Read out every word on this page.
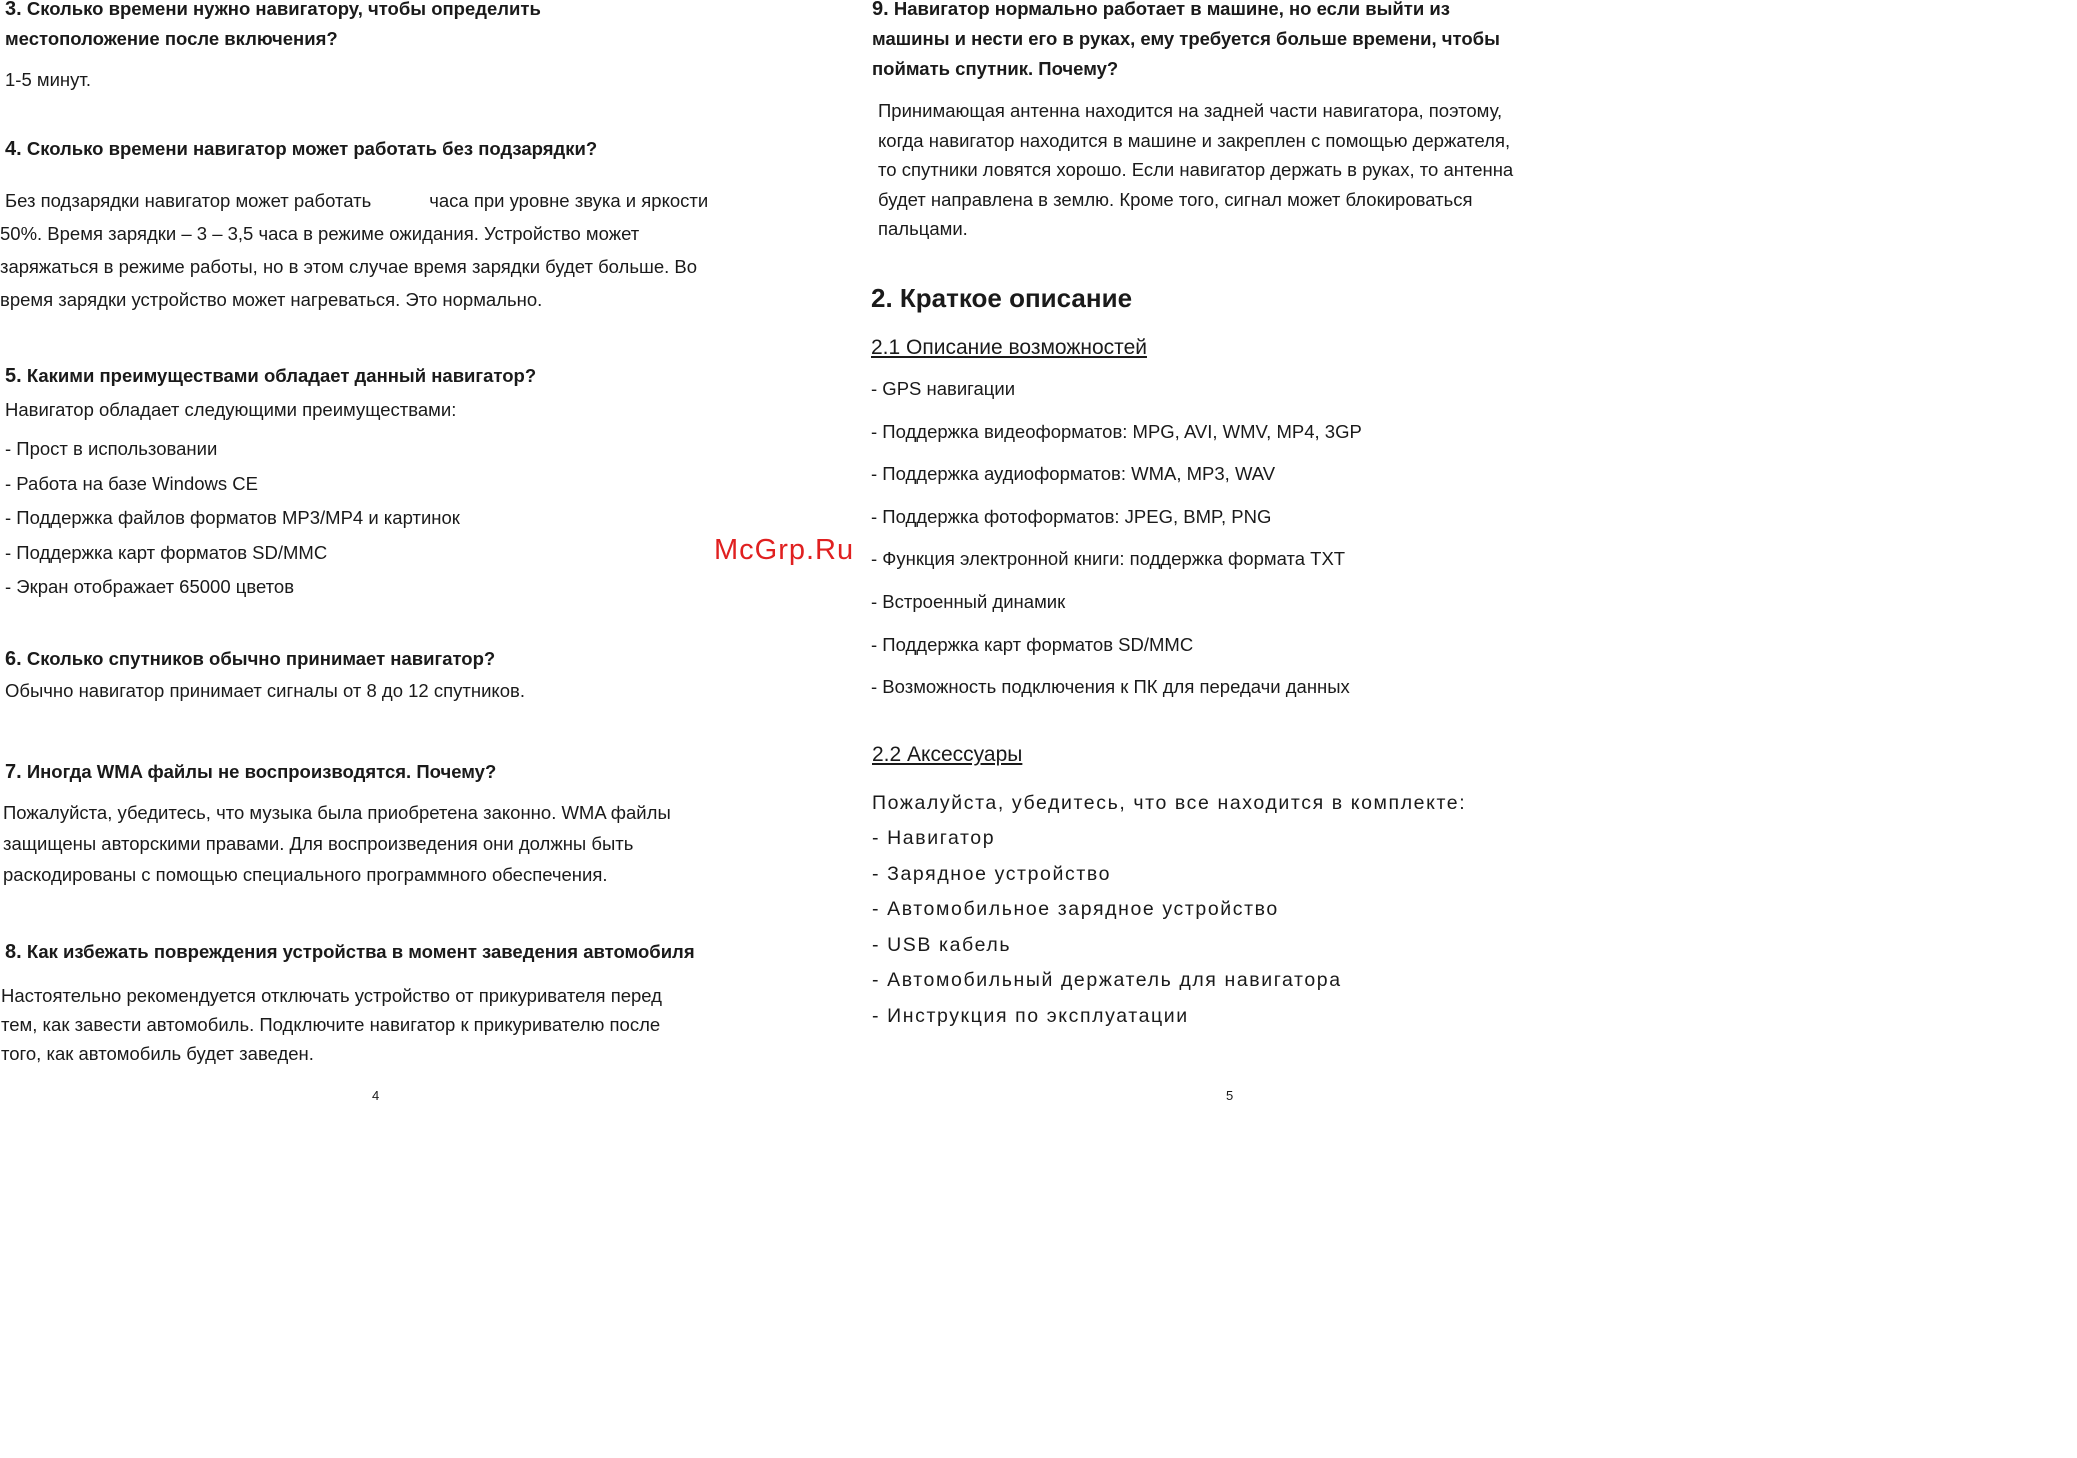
3. Сколько времени нужно навигатору, чтобы определить
местоположение после включения?

1-5 минут.

4. Сколько времени навигатор может работать без подзарядки?

Без подзарядки навигатор может работать	часа при уровне звука и яркости

50%. Время зарядки – 3 – 3,5 часа в режиме ожидания. Устройство может

заряжаться в режиме работы, но в этом случае время зарядки будет больше. Во

время зарядки устройство может нагреваться. Это нормально.

5. Какими преимуществами обладает данный навигатор?

Навигатор обладает следующими преимуществами:

- Прост в использовании
- Работа на базе Windows CE
- Поддержка файлов форматов MP3/MP4 и картинок
- Поддержка карт форматов SD/MMC
- Экран отображает 65000 цветов

6. Сколько спутников обычно принимает навигатор?

Обычно навигатор принимает сигналы от 8 до 12 спутников.

7. Иногда WMA файлы не воспроизводятся. Почему?

Пожалуйста, убедитесь, что музыка была приобретена законно. WMA файлы

защищены авторскими правами. Для воспроизведения они должны быть

раскодированы с помощью специального программного обеспечения.

8. Как избежать повреждения устройства в момент заведения автомобиля

Настоятельно рекомендуется отключать устройство от прикуривателя перед

тем, как завести автомобиль. Подключите навигатор к прикуривателю после

того, как автомобиль будет заведен.

4

9. Навигатор нормально работает в машине, но если выйти из
машины и нести его в руках, ему требуется больше времени, чтобы
поймать спутник. Почему?

Принимающая антенна находится на задней части навигатора, поэтому,

когда навигатор находится в машине и закреплен с помощью держателя,

то спутники ловятся хорошо. Если навигатор держать в руках, то антенна

будет направлена в землю. Кроме того, сигнал может блокироваться

пальцами.

2. Краткое описание
2.1 Описание возможностей
- GPS навигации
- Поддержка видеоформатов: MPG, AVI, WMV, MP4, 3GP
- Поддержка аудиоформатов: WMA, MP3, WAV
- Поддержка фотоформатов: JPEG, BMP, PNG
- Функция электронной книги: поддержка формата TXT
- Встроенный динамик
- Поддержка карт форматов SD/MMC
- Возможность подключения к ПК для передачи данных
2.2 Аксессуары

Пожалуйста, убедитесь, что все находится в комплекте:

- Навигатор
- Зарядное устройство
- Автомобильное зарядное устройство
- USB кабель
- Автомобильный держатель для навигатора
- Инструкция по эксплуатации
5
McGrp.Ru
